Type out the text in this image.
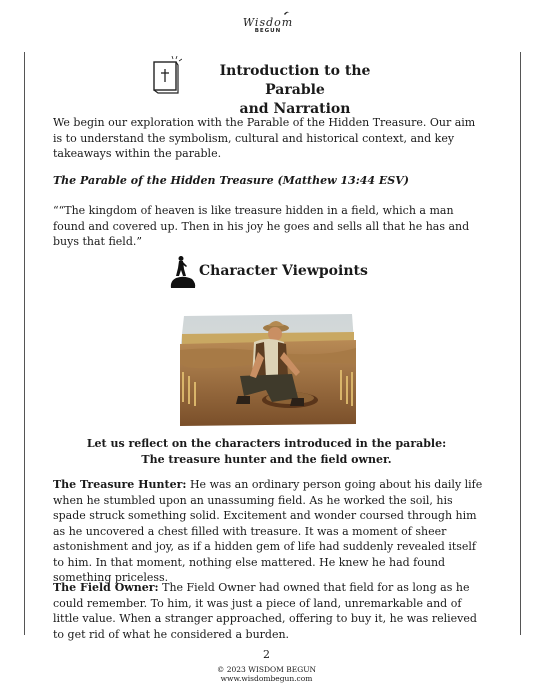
Wisdom
BEGUN
Introduction to the Parable
and Narration
We begin our exploration with the Parable of the Hidden Treasure. Our aim is to understand the symbolism, cultural and historical context, and key takeaways within the parable.
The Parable of the Hidden Treasure (Matthew 13:44 ESV)
““The kingdom of heaven is like treasure hidden in a field, which a man found and covered up. Then in his joy he goes and sells all that he has and buys that field.”
Character Viewpoints
Let us reflect on the characters introduced in the parable:
The treasure hunter and the field owner.
The Treasure Hunter: He was an ordinary person going about his daily life when he stumbled upon an unassuming field. As he worked the soil, his spade struck something solid. Excitement and wonder coursed through him as he uncovered a chest filled with treasure. It was a moment of sheer astonishment and joy, as if a hidden gem of life had suddenly revealed itself to him. In that moment, nothing else mattered. He knew he had found something priceless.
The Field Owner: The Field Owner had owned that field for as long as he could remember. To him, it was just a piece of land, unremarkable and of little value. When a stranger approached, offering to buy it, he was relieved to get rid of what he considered a burden.
2
© 2023 WISDOM BEGUN
www.wisdombegun.com
